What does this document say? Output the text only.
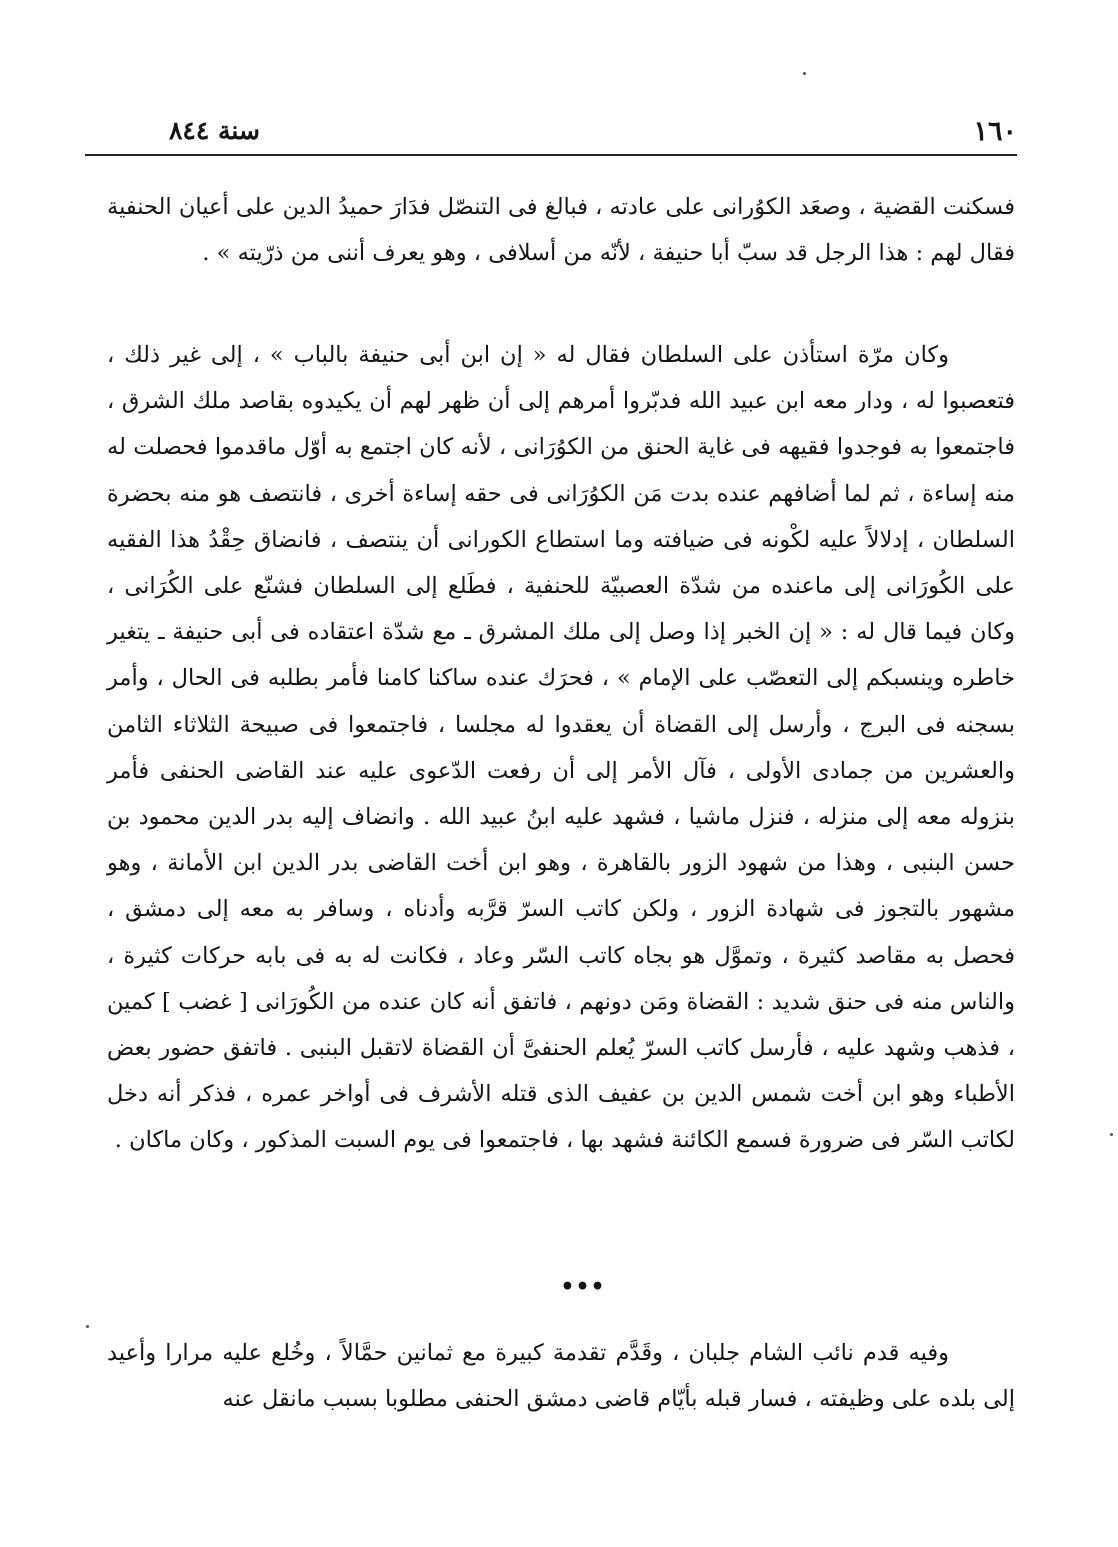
١٦٠
سنة ٨٤٤

فسكنت القضية ، وصعَد الكوُرانى على عادته ، فبالغ فى التنصّل فدَارَ حميدُ الدين على أعيان الحنفية فقال لهم : هذا الرجل قد سبّ أبا حنيفة ، لأنّه من أسلافى ، وهو يعرف أننى من ذرّيته » .

وكان مرّة استأذن على السلطان فقال له « إن ابن أبى حنيفة بالباب » ، إلى غير ذلك ، فتعصبوا له ، ودار معه ابن عبيد الله فدبّروا أمرهم إلى أن ظهر لهم أن يكيدوه بقاصد ملك الشرق ، فاجتمعوا به فوجدوا فقيهه فى غاية الحنق من الكوُرَانى ، لأنه كان اجتمع به أوّل ماقدموا فحصلت له منه إساءة ، ثم لما أضافهم عنده بدت مَن الكوُرَانى فى حقه إساءة أخرى ، فانتصف هو منه بحضرة السلطان ، إدلالاً عليه لكْونه فى ضيافته وما استطاع الكورانى أن ينتصف ، فانضاق حِقْدُ هذا الفقيه على الكُورَانى إلى ماعنده من شدّة العصبيّة للحنفية ، فطَلع إلى السلطان فشنّع على الكُرَانى ، وكان فيما قال له : « إن الخبر إذا وصل إلى ملك المشرق ـ مع شدّة اعتقاده فى أبى حنيفة ـ يتغير خاطره وينسبكم إلى التعصّب على الإمام » ، فحرَك عنده ساكنا كامنا فأمر بطلبه فى الحال ، وأمر بسجنه فى البرج ، وأرسل إلى القضاة أن يعقدوا له مجلسا ، فاجتمعوا فى صبيحة الثلاثاء الثامن والعشرين من جمادى الأولى ، فآل الأمر إلى أن رفعت الدّعوى عليه عند القاضى الحنفى فأمر بنزوله معه إلى منزله ، فنزل ماشيا ، فشهد عليه ابنُ عبيد الله . وانضاف إليه بدر الدين محمود بن حسن البنبى ، وهذا من شهود الزور بالقاهرة ، وهو ابن أخت القاضى بدر الدين ابن الأمانة ، وهو مشهور بالتجوز فى شهادة الزور ، ولكن كاتب السرّ قرَّبه وأدناه ، وسافر به معه إلى دمشق ، فحصل به مقاصد كثيرة ، وتموَّل هو بجاه كاتب السّر وعاد ، فكانت له به فى بابه حركات كثيرة ، والناس منه فى حنق شديد : القضاة ومَن دونهم ، فاتفق أنه كان عنده من الكُورَانى [ غضب ] كمين ، فذهب وشهد عليه ، فأرسل كاتب السرّ يُعلم الحنفىَّ أن القضاة لاتقبل البنبى . فاتفق حضور بعض الأطباء وهو ابن أخت شمس الدين بن عفيف الذى قتله الأشرف فى أواخر عمره ، فذكر أنه دخل لكاتب السّر فى ضرورة فسمع الكائنة فشهد بها ، فاجتمعوا فى يوم السبت المذكور ، وكان ماكان .

•••

وفيه قدم نائب الشام جلبان ، وقَدَّم تقدمة كبيرة مع ثمانين حمَّالاً ، وخُلع عليه مرارا وأعيد إلى بلده على وظيفته ، فسار قبله بأيّام قاضى دمشق الحنفى مطلوبا بسبب مانقل عنه
